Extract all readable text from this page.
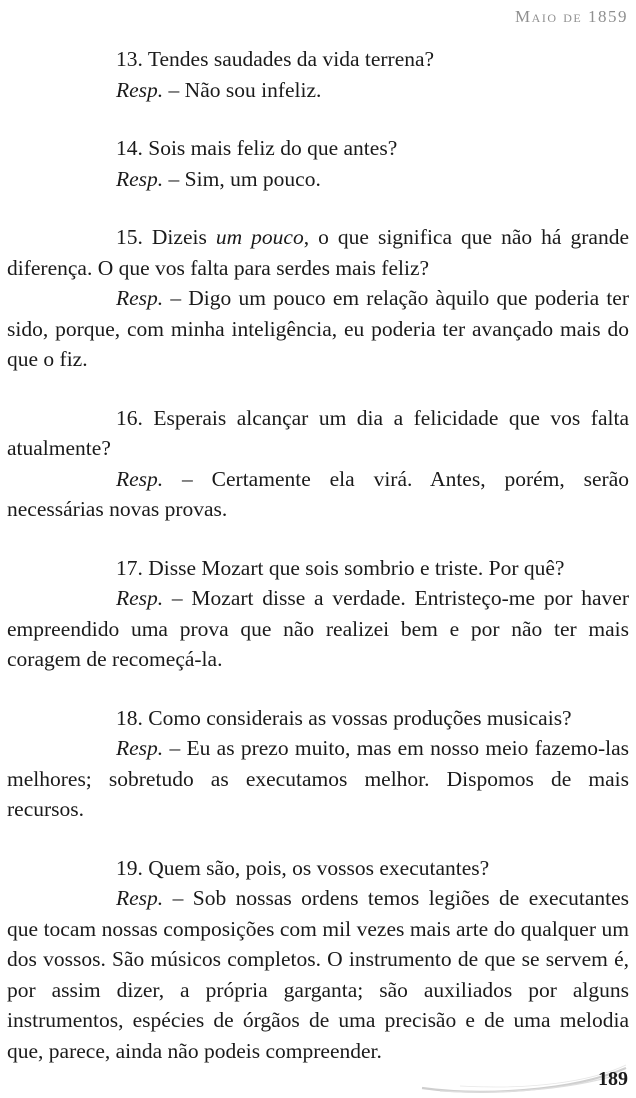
Maio de 1859

13. Tendes saudades da vida terrena?

Resp. – Não sou infeliz.

14. Sois mais feliz do que antes?

Resp. – Sim, um pouco.

15. Dizeis um pouco, o que significa que não há grande diferença. O que vos falta para serdes mais feliz?

Resp. – Digo um pouco em relação àquilo que poderia ter sido, porque, com minha inteligência, eu poderia ter avançado mais do que o fiz.

16. Esperais alcançar um dia a felicidade que vos falta atualmente?

Resp. – Certamente ela virá. Antes, porém, serão necessárias novas provas.

17. Disse Mozart que sois sombrio e triste. Por quê?

Resp. – Mozart disse a verdade. Entristeço-me por haver empreendido uma prova que não realizei bem e por não ter mais coragem de recomeçá-la.

18. Como considerais as vossas produções musicais?

Resp. – Eu as prezo muito, mas em nosso meio fazemo-las melhores; sobretudo as executamos melhor. Dispomos de mais recursos.

19. Quem são, pois, os vossos executantes?

Resp. – Sob nossas ordens temos legiões de executantes que tocam nossas composições com mil vezes mais arte do qualquer um dos vossos. São músicos completos. O instrumento de que se servem é, por assim dizer, a própria garganta; são auxiliados por alguns instrumentos, espécies de órgãos de uma precisão e de uma melodia que, parece, ainda não podeis compreender.

189
